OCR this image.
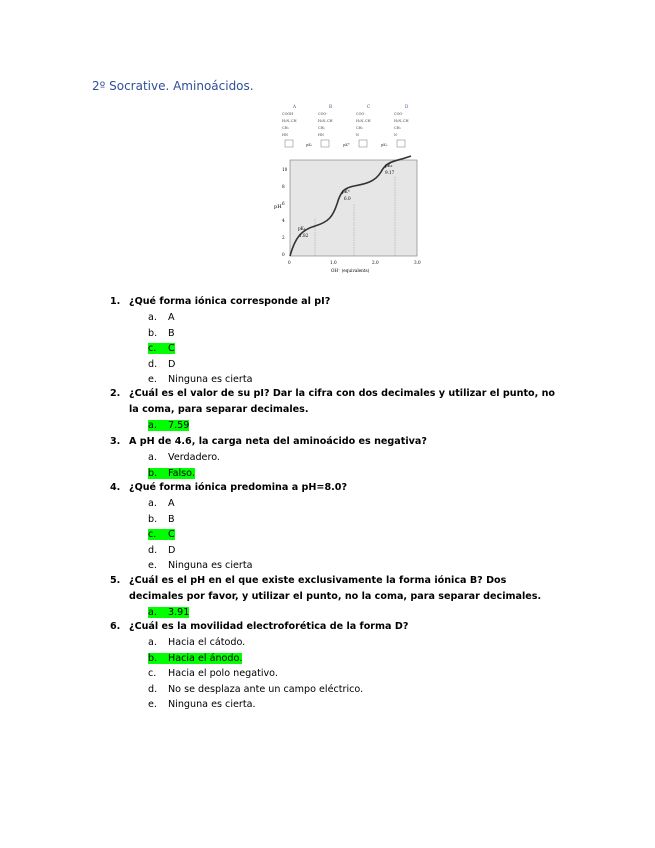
2º Socrative. Aminoácidos.
A
COOH
H₃N–CH
CH₂
HN
B
COO⁻
H₃N–CH
CH₂
HN
C
COO⁻
H₃N–CH
CH₂
N
D
COO⁻
H₂N–CH
CH₂
N
pK₁	pKᴿ	pK₂
10
8
6
4
2
0
0	1.0	2.0	3.0
pH
OH⁻ (equivalents)
pK₁
1.82
pKᴿ
6.0
pK₂
9.17
1. ¿Qué forma iónica corresponde al pI?
a. A
b. B
c. C
d. D
e. Ninguna es cierta
2. ¿Cuál es el valor de su pI? Dar la cifra con dos decimales y utilizar el punto, no la coma, para separar decimales.
a. 7.59
3. A pH de 4.6, la carga neta del aminoácido es negativa?
a. Verdadero.
b. Falso.
4. ¿Qué forma iónica predomina a pH=8.0?
a. A
b. B
c. C
d. D
e. Ninguna es cierta
5. ¿Cuál es el pH en el que existe exclusivamente la forma iónica B? Dos decimales por favor, y utilizar el punto, no la coma, para separar decimales.
a. 3.91
6. ¿Cuál es la movilidad electroforética de la forma D?
a. Hacia el cátodo.
b. Hacia el ánodo.
c. Hacia el polo negativo.
d. No se desplaza ante un campo eléctrico.
e. Ninguna es cierta.
